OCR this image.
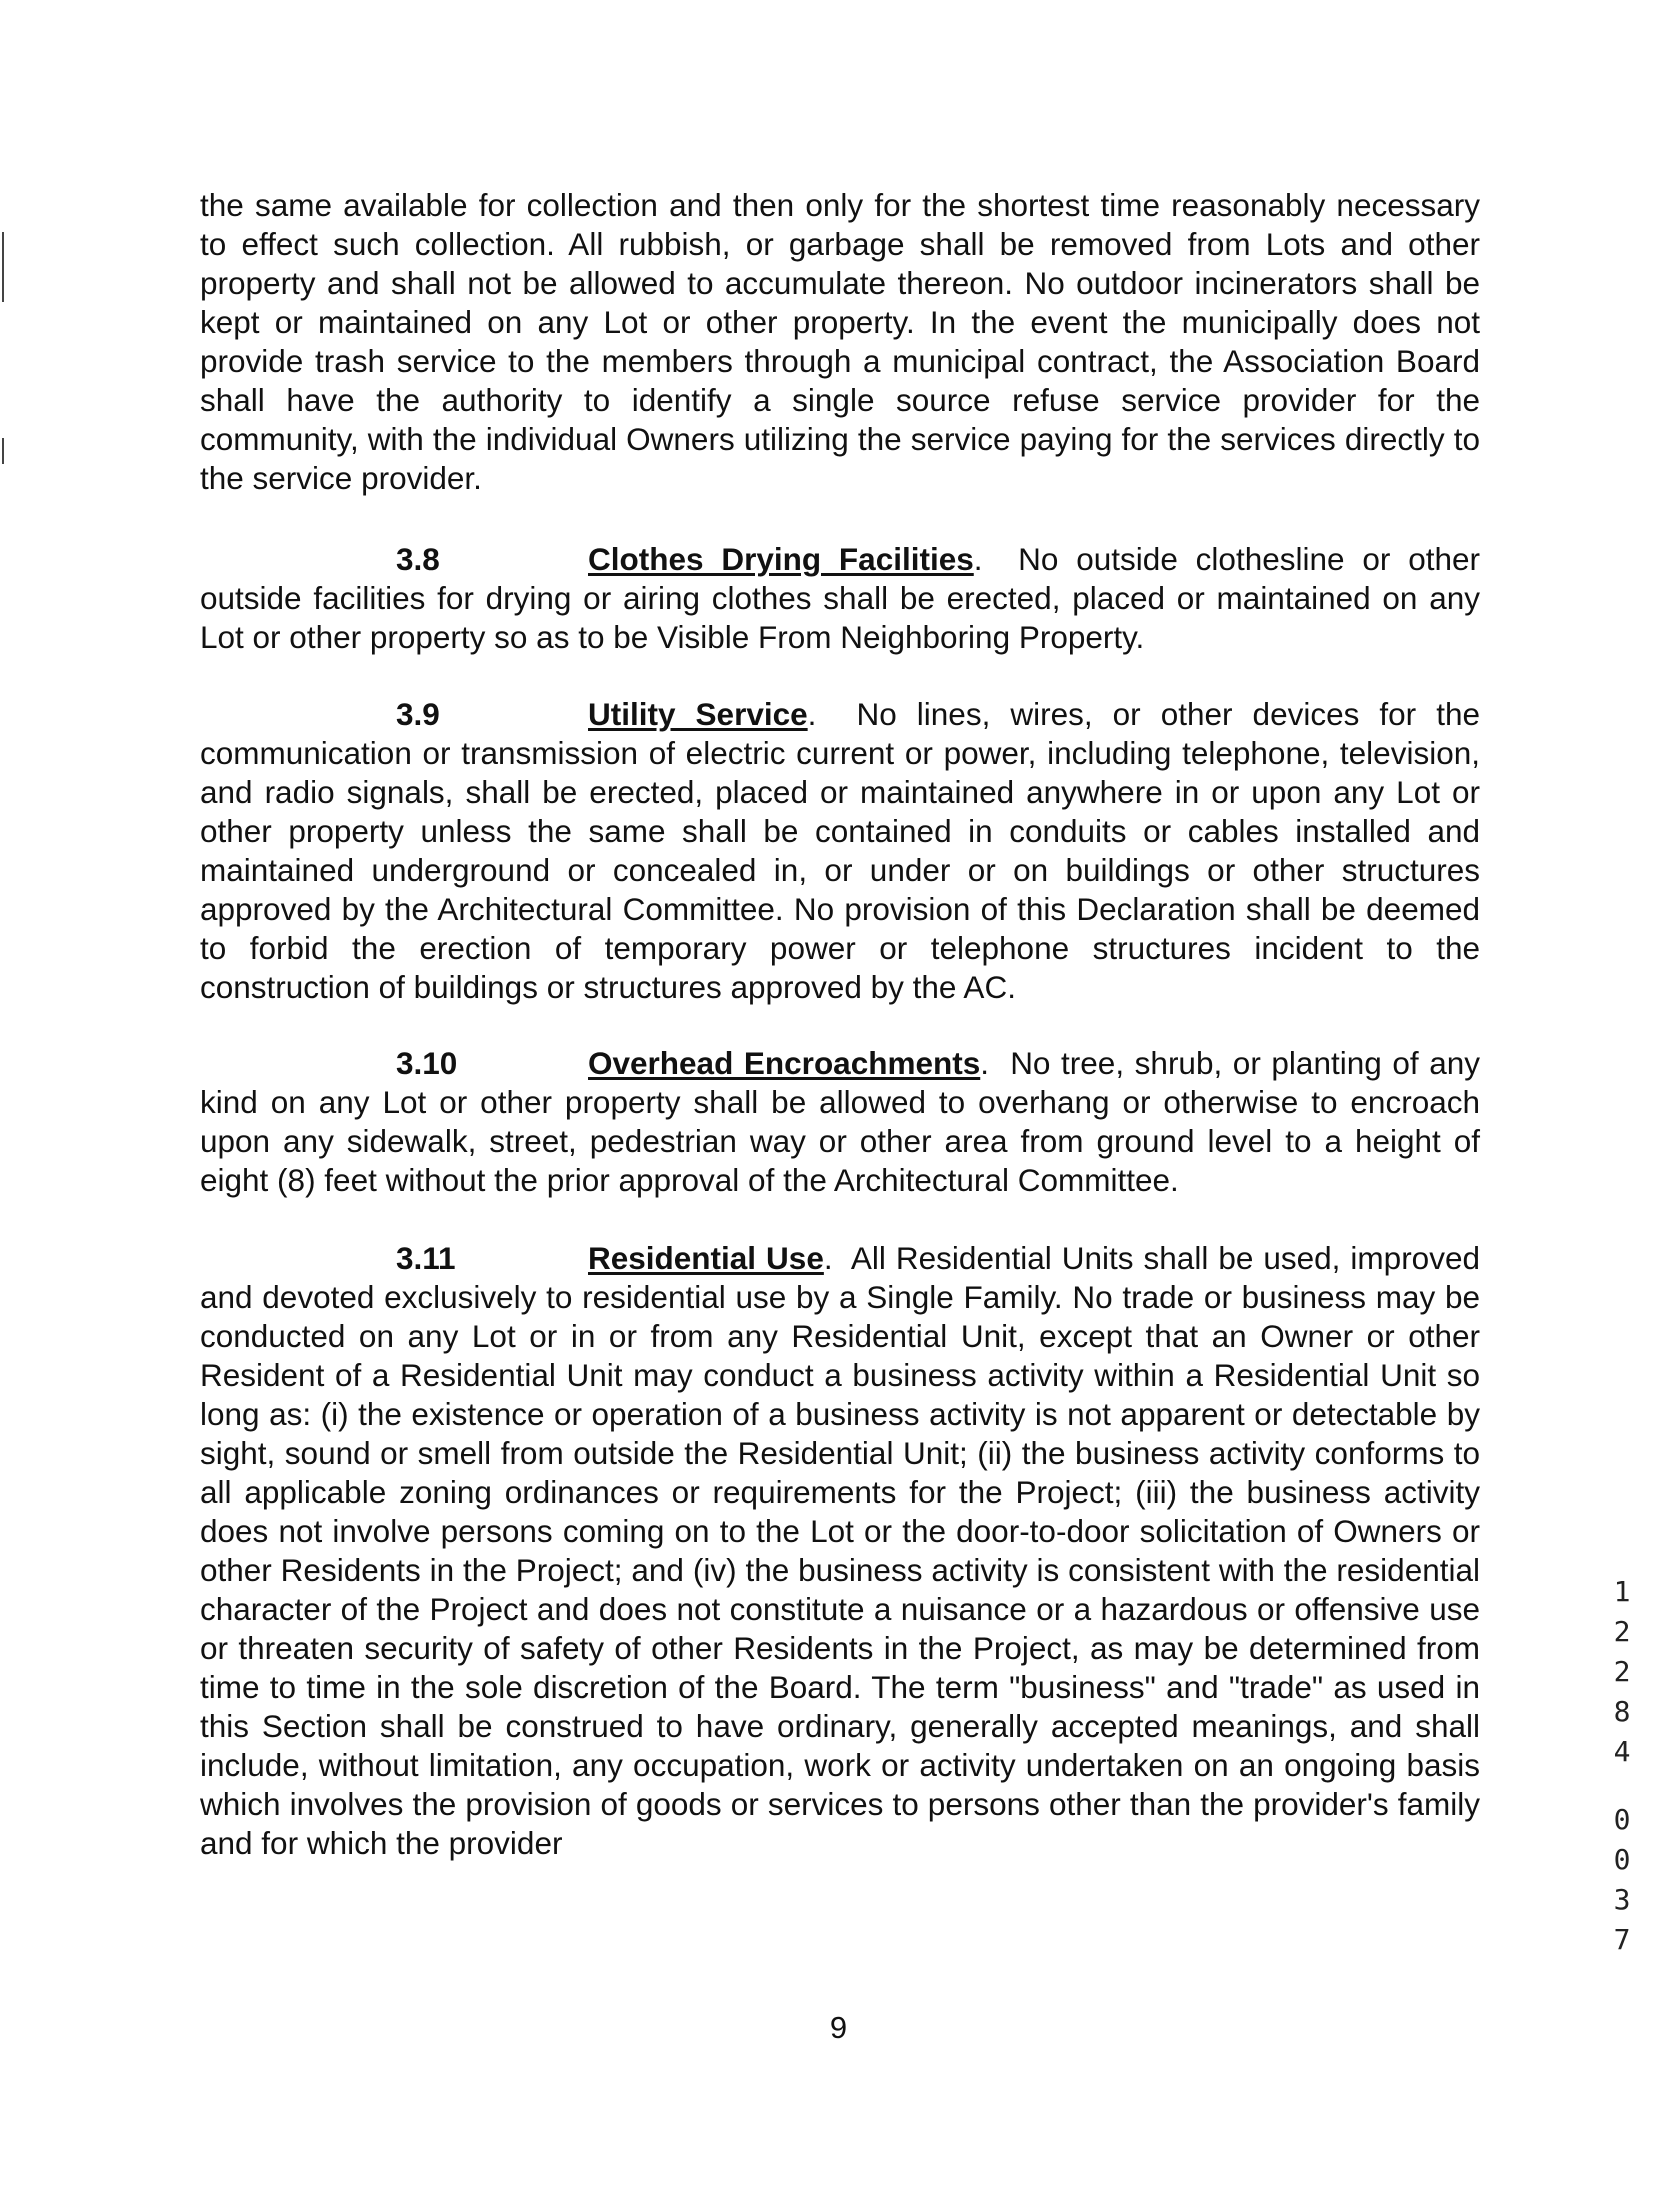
the same available for collection and then only for the shortest time reasonably necessary to effect such collection. All rubbish, or garbage shall be removed from Lots and other property and shall not be allowed to accumulate thereon. No outdoor incinerators shall be kept or maintained on any Lot or other property. In the event the municipally does not provide trash service to the members through a municipal contract, the Association Board shall have the authority to identify a single source refuse service provider for the community, with the individual Owners utilizing the service paying for the services directly to the service provider.

3.8	Clothes Drying Facilities.  No outside clothesline or other outside facilities for drying or airing clothes shall be erected, placed or maintained on any Lot or other property so as to be Visible From Neighboring Property.

3.9	Utility Service.  No lines, wires, or other devices for the communication or transmission of electric current or power, including telephone, television, and radio signals, shall be erected, placed or maintained anywhere in or upon any Lot or other property unless the same shall be contained in conduits or cables installed and maintained underground or concealed in, or under or on buildings or other structures approved by the Architectural Committee. No provision of this Declaration shall be deemed to forbid the erection of temporary power or telephone structures incident to the construction of buildings or structures approved by the AC.

3.10	Overhead Encroachments.  No tree, shrub, or planting of any kind on any Lot or other property shall be allowed to overhang or otherwise to encroach upon any sidewalk, street, pedestrian way or other area from ground level to a height of eight (8) feet without the prior approval of the Architectural Committee.

3.11	Residential Use.  All Residential Units shall be used, improved and devoted exclusively to residential use by a Single Family. No trade or business may be conducted on any Lot or in or from any Residential Unit, except that an Owner or other Resident of a Residential Unit may conduct a business activity within a Residential Unit so long as: (i) the existence or operation of a business activity is not apparent or detectable by sight, sound or smell from outside the Residential Unit; (ii) the business activity conforms to all applicable zoning ordinances or requirements for the Project; (iii) the business activity does not involve persons coming on to the Lot or the door-to-door solicitation of Owners or other Residents in the Project; and (iv) the business activity is consistent with the residential character of the Project and does not constitute a nuisance or a hazardous or offensive use or threaten security of safety of other Residents in the Project, as may be determined from time to time in the sole discretion of the Board. The term "business" and "trade" as used in this Section shall be construed to have ordinary, generally accepted meanings, and shall include, without limitation, any occupation, work or activity undertaken on an ongoing basis which involves the provision of goods or services to persons other than the provider's family and for which the provider

9
1
2
2
8
4
0
0
3
7
